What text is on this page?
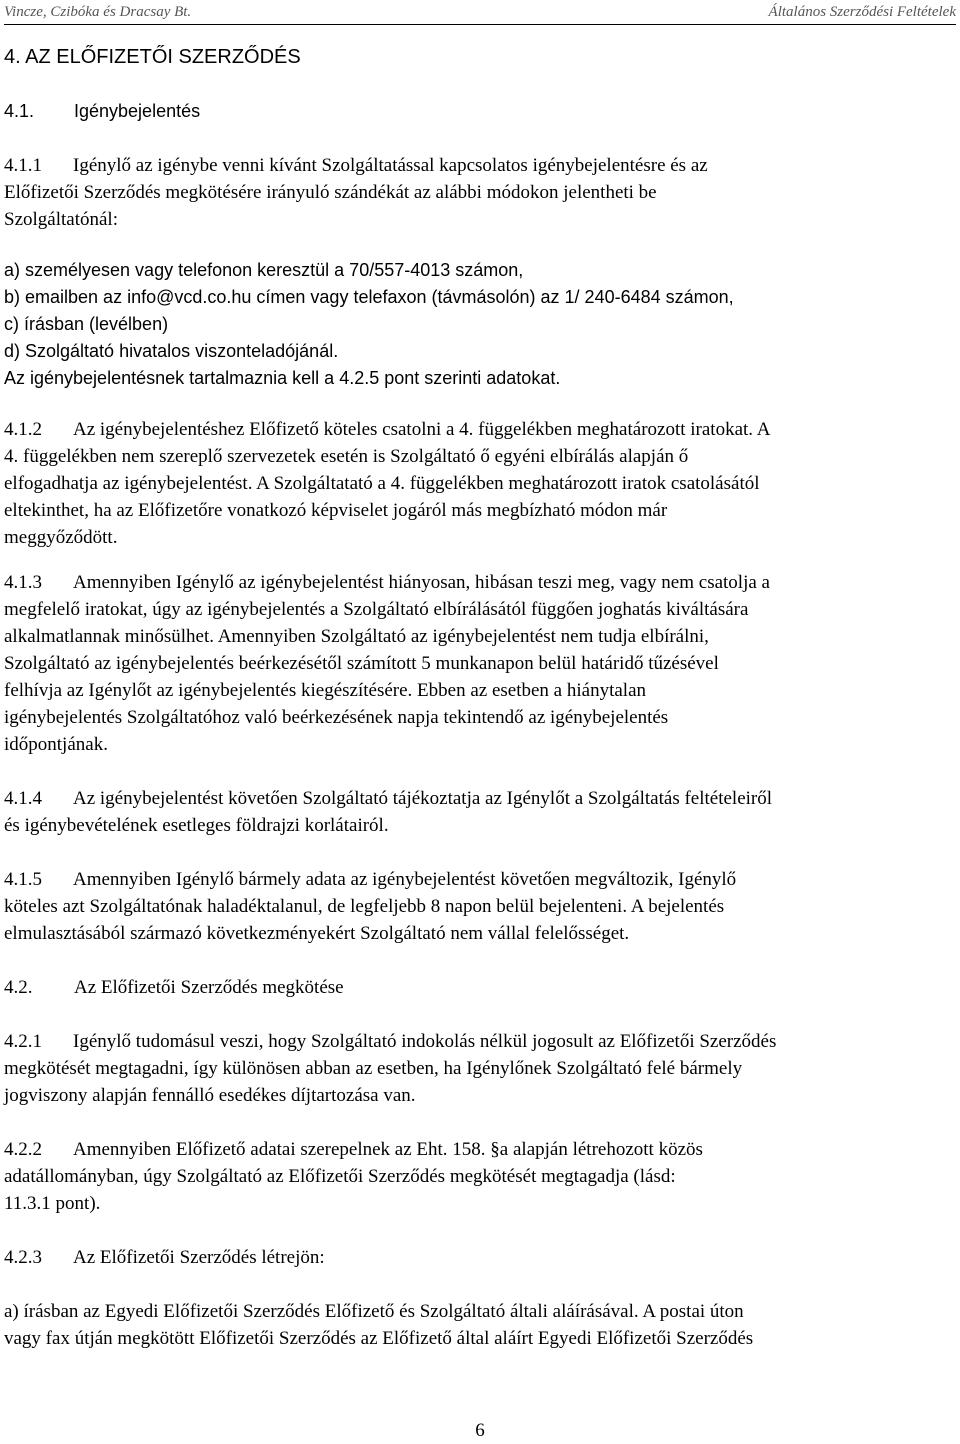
Vincze, Czibóka és Dracsay Bt.	Általános Szerződési Feltételek
4. AZ ELŐFIZETŐI SZERZŐDÉS
4.1. Igénybejelentés
4.1.1 Igénylő az igénybe venni kívánt Szolgáltatással kapcsolatos igénybejelentésre és az
Előfizetői Szerződés megkötésére irányuló szándékát az alábbi módokon jelentheti be
Szolgáltatónál:
a) személyesen vagy telefonon keresztül a 70/557-4013 számon,
b) emailben az info@vcd.co.hu címen vagy telefaxon (távmásolón) az 1/ 240-6484 számon,
c) írásban (levélben)
d) Szolgáltató hivatalos viszonteladójánál.
Az igénybejelentésnek tartalmaznia kell a 4.2.5 pont szerinti adatokat.
4.1.2 Az igénybejelentéshez Előfizető köteles csatolni a 4. függelékben meghatározott iratokat. A
4. függelékben nem szereplő szervezetek esetén is Szolgáltató ő egyéni elbírálás alapján ő
elfogadhatja az igénybejelentést. A Szolgáltatató a 4. függelékben meghatározott iratok csatolásától
eltekinthet, ha az Előfizetőre vonatkozó képviselet jogáról más megbízható módon már
meggyőződött.
4.1.3 Amennyiben Igénylő az igénybejelentést hiányosan, hibásan teszi meg, vagy nem csatolja a
megfelelő iratokat, úgy az igénybejelentés a Szolgáltató elbírálásától függően joghatás kiváltására
alkalmatlannak minősülhet. Amennyiben Szolgáltató az igénybejelentést nem tudja elbírálni,
Szolgáltató az igénybejelentés beérkezésétől számított 5 munkanapon belül határidő tűzésével
felhívja az Igénylőt az igénybejelentés kiegészítésére. Ebben az esetben a hiánytalan
igénybejelentés Szolgáltatóhoz való beérkezésének napja tekintendő az igénybejelentés
időpontjának.
4.1.4 Az igénybejelentést követően Szolgáltató tájékoztatja az Igénylőt a Szolgáltatás feltételeiről
és igénybevételének esetleges földrajzi korlátairól.
4.1.5 Amennyiben Igénylő bármely adata az igénybejelentést követően megváltozik, Igénylő
köteles azt Szolgáltatónak haladéktalanul, de legfeljebb 8 napon belül bejelenteni. A bejelentés
elmulasztásából származó következményekért Szolgáltató nem vállal felelősséget.
4.2. Az Előfizetői Szerződés megkötése
4.2.1 Igénylő tudomásul veszi, hogy Szolgáltató indokolás nélkül jogosult az Előfizetői Szerződés
megkötését megtagadni, így különösen abban az esetben, ha Igénylőnek Szolgáltató felé bármely
jogviszony alapján fennálló esedékes díjtartozása van.
4.2.2 Amennyiben Előfizető adatai szerepelnek az Eht. 158. §a alapján létrehozott közös
adatállományban, úgy Szolgáltató az Előfizetői Szerződés megkötését megtagadja (lásd:
11.3.1 pont).
4.2.3 Az Előfizetői Szerződés létrejön:
a) írásban az Egyedi Előfizetői Szerződés Előfizető és Szolgáltató általi aláírásával. A postai úton
vagy fax útján megkötött Előfizetői Szerződés az Előfizető által aláírt Egyedi Előfizetői Szerződés
6
